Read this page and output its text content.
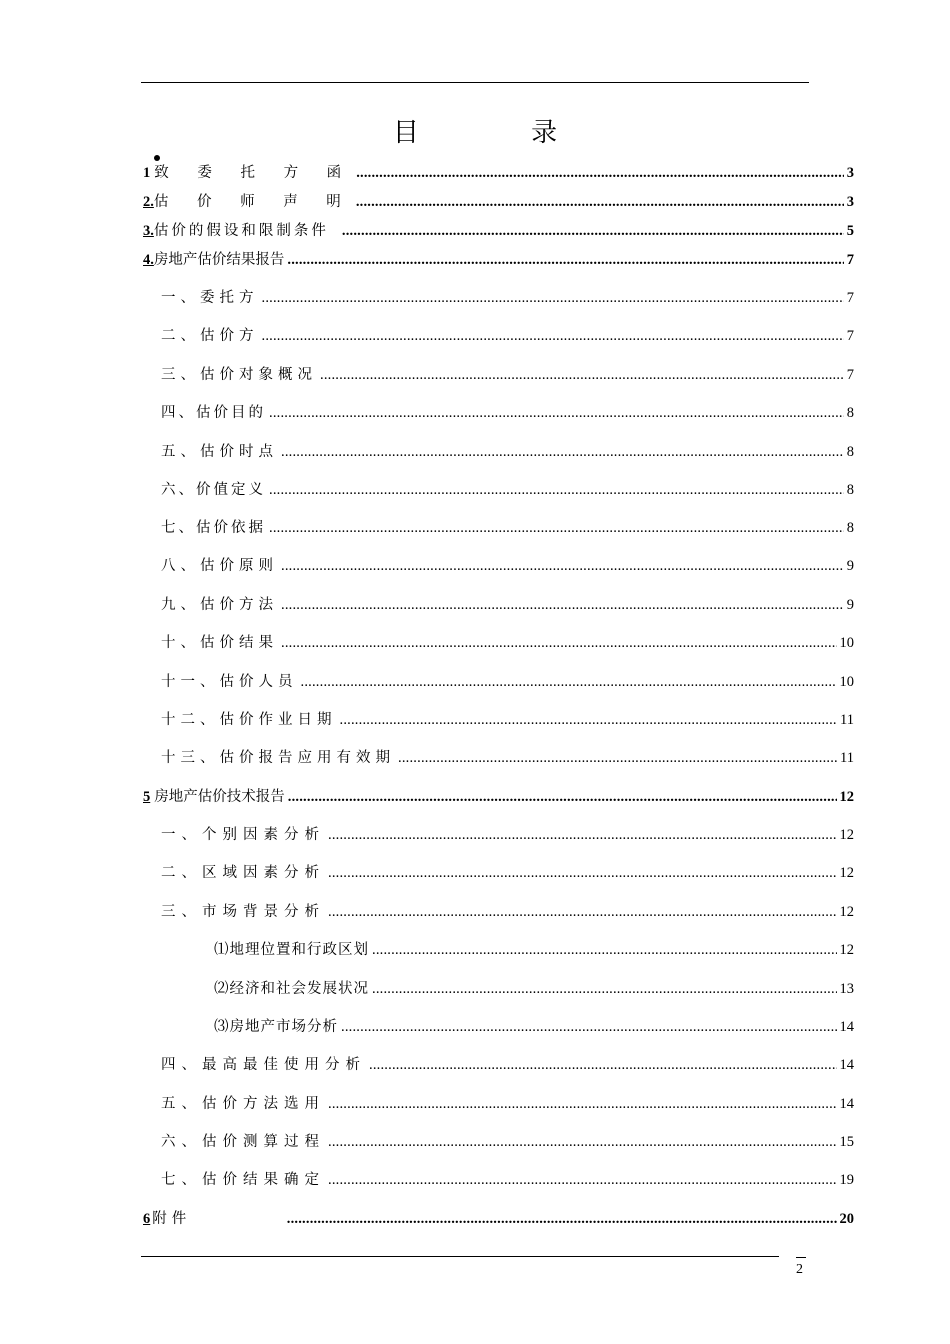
目 录
1 致 委 托 方 函 .....	3
2. 估 价 师 声 明 .....	3
3. 估价的假设和限制条件 .....	5
4. 房地产估价结果报告 .....	7
一、委托方 .....	7
二、估价方 .....	7
三、估价对象概况 .....	7
四、估价目的 .....	8
五、估价时点 .....	8
六、价值定义 .....	8
七、估价依据 .....	8
八、估价原则 .....	9
九、估价方法 .....	9
十、估价结果 .....	10
十一、估价人员 .....	10
十二、估价作业日期 .....	11
十三、估价报告应用有效期 .....	11
5 房地产估价技术报告 .....	12
一、个别因素分析 .....	12
二、区域因素分析 .....	12
三、市场背景分析 .....	12
⑴地理位置和行政区划 .....	12
⑵经济和社会发展状况 .....	13
⑶房地产市场分析 .....	14
四、最高最佳使用分析 .....	14
五、估价方法选用 .....	14
六、估价测算过程 .....	15
七、估价结果确定 .....	19
6 附件 .....	20
2
